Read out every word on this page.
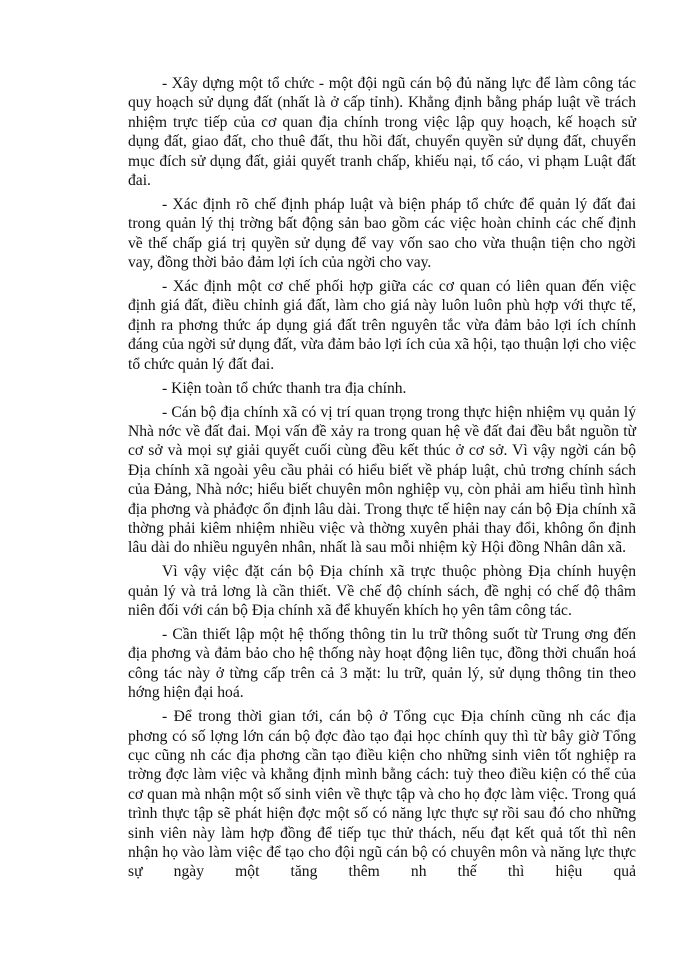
- Xây dựng một tổ chức - một đội ngũ cán bộ đủ năng lực để làm công tác quy hoạch sử dụng đất (nhất là ở cấp tỉnh). Khẳng định bằng pháp luật về trách nhiệm trực tiếp của cơ quan địa chính trong việc lập quy hoạch, kế hoạch sử dụng đất, giao đất, cho thuê đất, thu hồi đất, chuyển quyền sử dụng đất, chuyển mục đích sử dụng đất, giải quyết tranh chấp, khiếu nại, tố cáo, vi phạm Luật đất đai.

- Xác định rõ chế định pháp luật và biện pháp tổ chức để quản lý đất đai trong quản lý thị trờng bất động sản bao gồm các việc hoàn chỉnh các chế định về thế chấp giá trị quyền sử dụng để vay vốn sao cho vừa thuận tiện cho ngời vay, đồng thời bảo đảm lợi ích của ngời cho vay.

- Xác định một cơ chế phối hợp giữa các cơ quan có liên quan đến việc định giá đất, điều chỉnh giá đất, làm cho giá này luôn luôn phù hợp với thực tế, định ra phơng thức áp dụng giá đất trên nguyên tắc vừa đảm bảo lợi ích chính đáng của ngời sử dụng đất, vừa đảm bảo lợi ích của xã hội, tạo thuận lợi cho việc tổ chức quản lý đất đai.

- Kiện toàn tổ chức thanh tra địa chính.

- Cán bộ địa chính xã có vị trí quan trọng trong thực hiện nhiệm vụ quản lý Nhà nớc về đất đai. Mọi vấn đề xảy ra trong quan hệ về đất đai đều bắt nguồn từ cơ sở và mọi sự giải quyết cuối cùng đều kết thúc ở cơ sở. Vì vậy ngời cán bộ Địa chính xã ngoài yêu cầu phải có hiểu biết về pháp luật, chủ trơng chính sách của Đảng, Nhà nớc; hiểu biết chuyên môn nghiệp vụ, còn phải am hiểu tình hình địa phơng và phảđợc ổn định lâu dài. Trong thực tế hiện nay cán bộ Địa chính xã thờng phải kiêm nhiệm nhiều việc và thờng xuyên phải thay đổi, không ổn định lâu dài do nhiều nguyên nhân, nhất là sau mỗi nhiệm kỳ Hội đồng Nhân dân xã.

Vì vậy việc đặt cán bộ Địa chính xã trực thuộc phòng Địa chính huyện quản lý và trả lơng là cần thiết. Về chế độ chính sách, đề nghị có chế độ thâm niên đối với cán bộ Địa chính xã để khuyến khích họ yên tâm công tác.

- Cần thiết lập một hệ thống thông tin lu trữ thông suốt từ Trung ơng đến địa phơng và đảm bảo cho hệ thống này hoạt động liên tục, đồng thời chuẩn hoá công tác này ở từng cấp trên cả 3 mặt: lu trữ, quản lý, sử dụng thông tin theo hớng hiện đại hoá.

- Để trong thời gian tới, cán bộ ở Tổng cục Địa chính cũng nh các địa phơng có số lợng lớn cán bộ đợc đào tạo đại học chính quy thì từ bây giờ Tổng cục cũng nh các địa phơng cần tạo điều kiện cho những sinh viên tốt nghiệp ra trờng đợc làm việc và khẳng định mình bằng cách: tuỳ theo điều kiện có thể của cơ quan mà nhận một số sinh viên về thực tập và cho họ đợc làm việc. Trong quá trình thực tập sẽ phát hiện đợc một số có năng lực thực sự rồi sau đó cho những sinh viên này làm hợp đồng để tiếp tục thử thách, nếu đạt kết quả tốt thì nên nhận họ vào làm việc để tạo cho đội ngũ cán bộ có chuyên môn và năng lực thực sự ngày một tăng thêm nh thế thì hiệu quả
